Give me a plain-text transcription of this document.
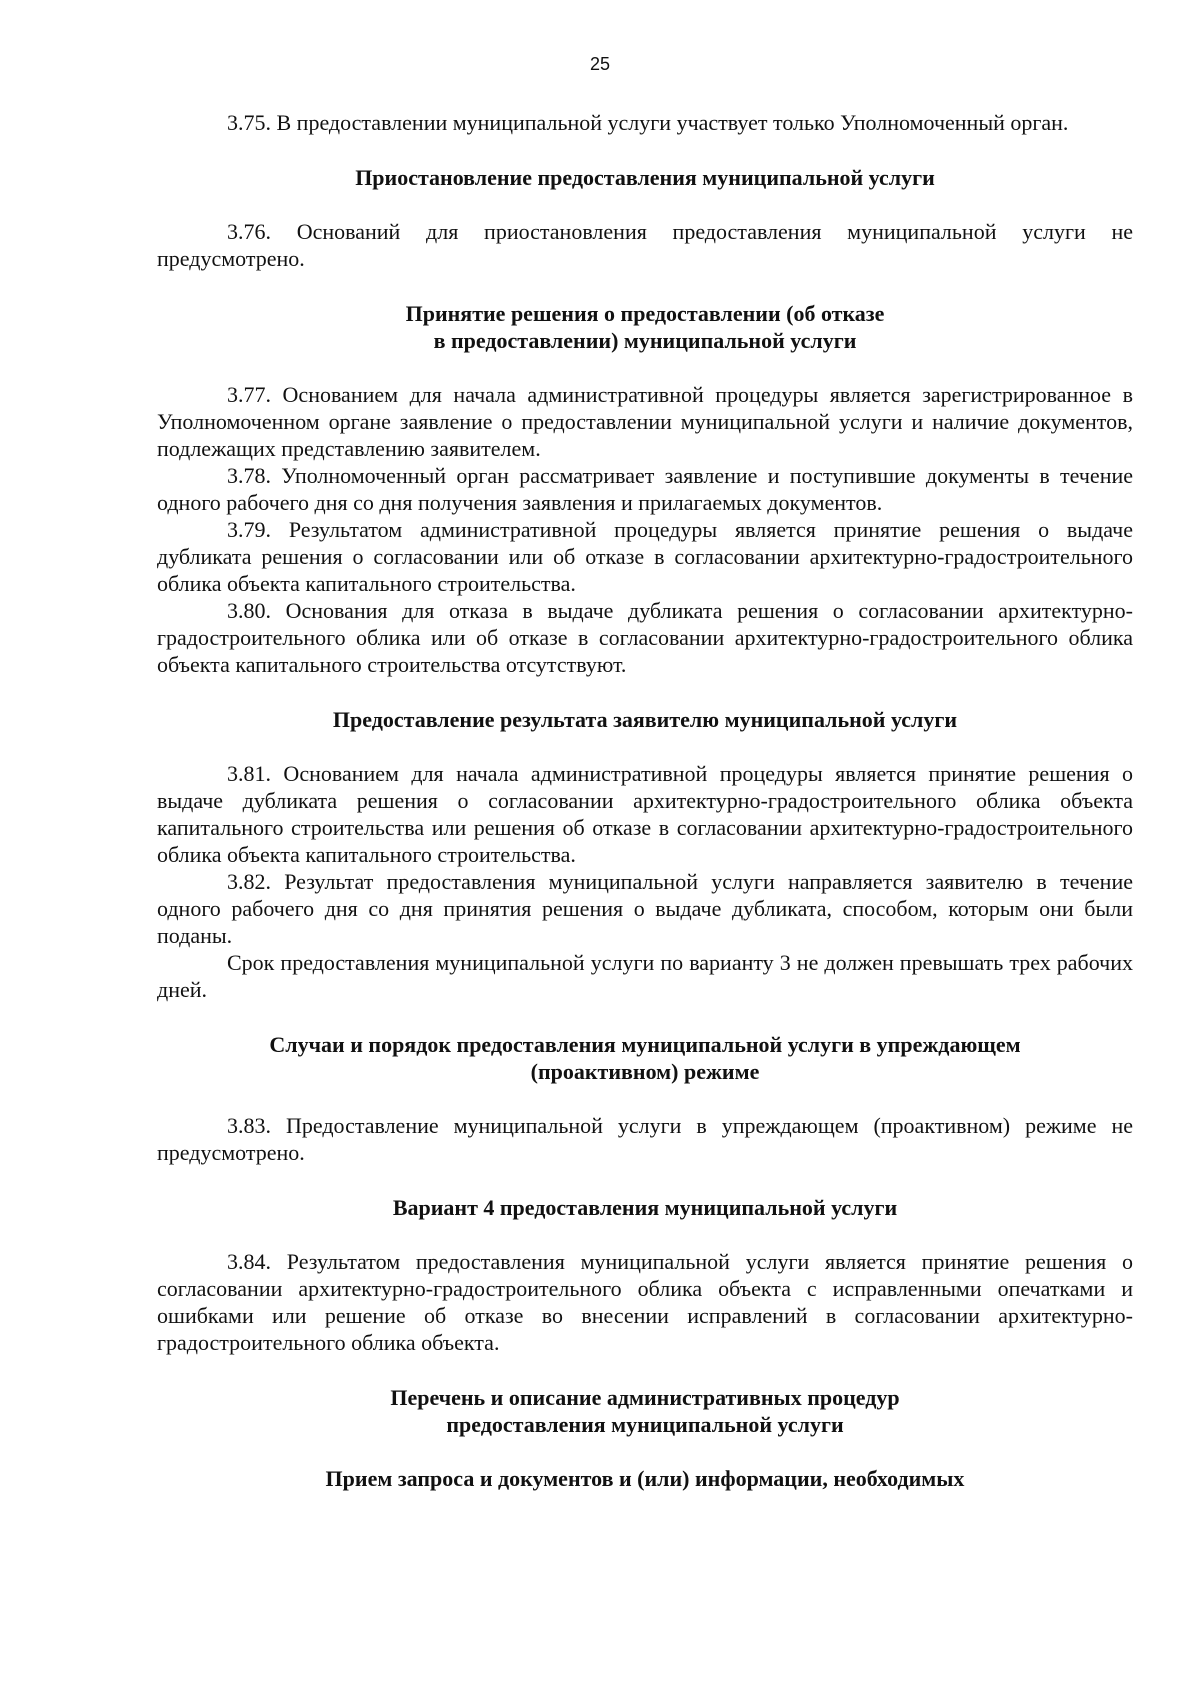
25

3.75. В предоставлении муниципальной услуги участвует только Уполномоченный орган.

Приостановление предоставления муниципальной услуги

3.76. Оснований для приостановления предоставления муниципальной услуги не предусмотрено.

Принятие решения о предоставлении (об отказе
в предоставлении) муниципальной услуги

3.77. Основанием для начала административной процедуры является зарегистрированное в Уполномоченном органе заявление о предоставлении муниципальной услуги и наличие документов, подлежащих представлению заявителем.

3.78. Уполномоченный орган рассматривает заявление и поступившие документы в течение одного рабочего дня со дня получения заявления и прилагаемых документов.

3.79. Результатом административной процедуры является принятие решения о выдаче дубликата решения о согласовании или об отказе в согласовании архитектурно-градостроительного облика объекта капитального строительства.

3.80. Основания для отказа в выдаче дубликата решения о согласовании архитектурно-градостроительного облика или об отказе в согласовании архитектурно-градостроительного облика объекта капитального строительства отсутствуют.

Предоставление результата заявителю муниципальной услуги

3.81. Основанием для начала административной процедуры является принятие решения о выдаче дубликата решения о согласовании архитектурно-градостроительного облика объекта капитального строительства или решения об отказе в согласовании архитектурно-градостроительного облика объекта капитального строительства.

3.82. Результат предоставления муниципальной услуги направляется заявителю в течение одного рабочего дня со дня принятия решения о выдаче дубликата, способом, которым они были поданы.

Срок предоставления муниципальной услуги по варианту 3 не должен превышать трех рабочих дней.

Случаи и порядок предоставления муниципальной услуги в упреждающем
(проактивном) режиме

3.83. Предоставление муниципальной услуги в упреждающем (проактивном) режиме не предусмотрено.

Вариант 4 предоставления муниципальной услуги

3.84. Результатом предоставления муниципальной услуги является принятие решения о согласовании архитектурно-градостроительного облика объекта с исправленными опечатками и ошибками или решение об отказе во внесении исправлений в согласовании архитектурно-градостроительного облика объекта.

Перечень и описание административных процедур
предоставления муниципальной услуги
Прием запроса и документов и (или) информации, необходимых
